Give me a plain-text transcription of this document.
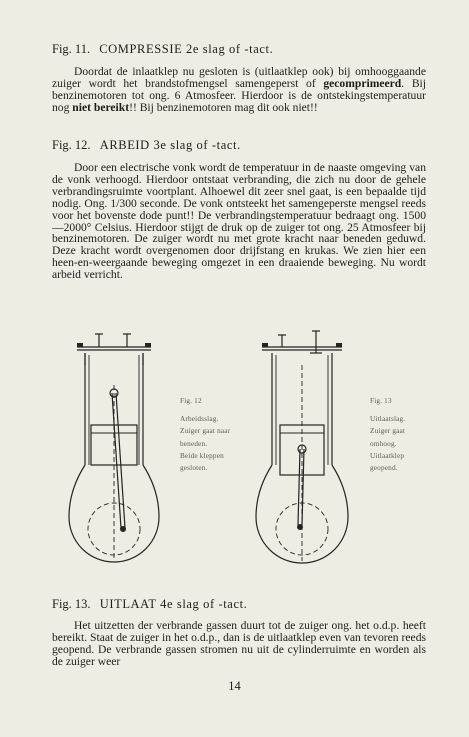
Fig. 11. COMPRESSIE 2e slag of -tact.
Doordat de inlaatklep nu gesloten is (uitlaatklep ook) bij omhooggaande zuiger wordt het brandstofmengsel samengeperst of gecomprimeerd. Bij benzinemotoren tot ong. 6 Atmosfeer. Hierdoor is de ontstekingstemperatuur nog niet bereikt!! Bij benzinemotoren mag dit ook niet!!
Fig. 12. ARBEID 3e slag of -tact.
Door een electrische vonk wordt de temperatuur in de naaste omgeving van de vonk verhoogd. Hierdoor ontstaat verbranding, die zich nu door de gehele verbrandingsruimte voortplant. Alhoewel dit zeer snel gaat, is een bepaalde tijd nodig. Ong. 1/300 seconde. De vonk ontsteekt het samengeperste mengsel reeds voor het bovenste dode punt!! De verbrandingstemperatuur bedraagt ong. 1500—2000° Celsius. Hierdoor stijgt de druk op de zuiger tot ong. 25 Atmosfeer bij benzinemotoren. De zuiger wordt nu met grote kracht naar beneden geduwd. Deze kracht wordt overgenomen door drijfstang en krukas. We zien hier een heen-en-weergaande beweging omgezet in een draaiende beweging. Nu wordt arbeid verricht.
Fig. 12
Arbeidsslag.
Zuiger gaat naar
beneden.
Beide kleppen
gesloten.
Fig. 13
Uitlaatslag.
Zuiger gaat
omhoog.
Uitlaatklep
geopend.
Fig. 13. UITLAAT 4e slag of -tact.
Het uitzetten der verbrande gassen duurt tot de zuiger ong. het o.d.p. heeft bereikt. Staat de zuiger in het o.d.p., dan is de uitlaatklep even van tevoren reeds geopend. De verbrande gassen stromen nu uit de cylinderruimte en worden als de zuiger weer
14
